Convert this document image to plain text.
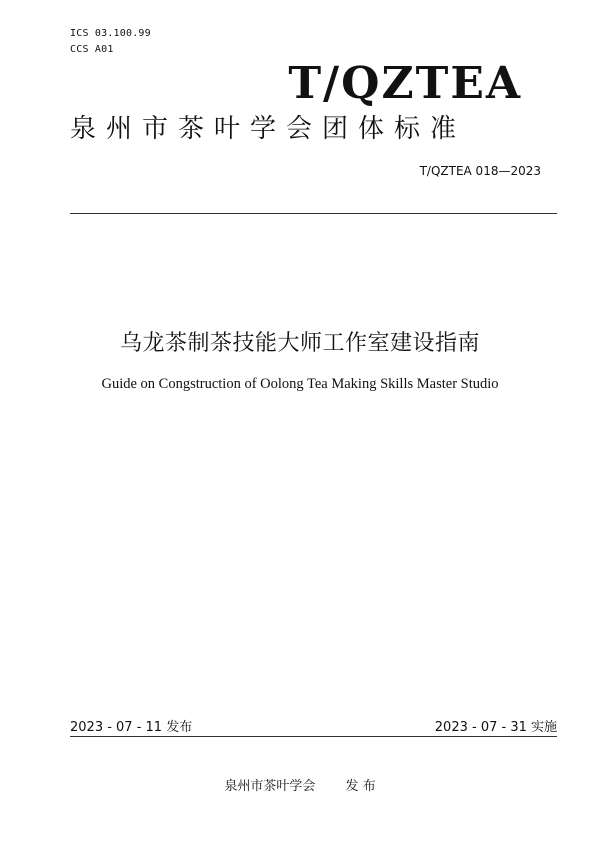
ICS 03.100.99
CCS A01
T/QZTEA
泉州市茶叶学会团体标准
T/QZTEA 018—2023
乌龙茶制茶技能大师工作室建设指南
Guide on Congstruction of Oolong Tea Making Skills Master Studio
2023 - 07 - 11 发布	2023 - 07 - 31 实施
泉州市茶叶学会 发 布
